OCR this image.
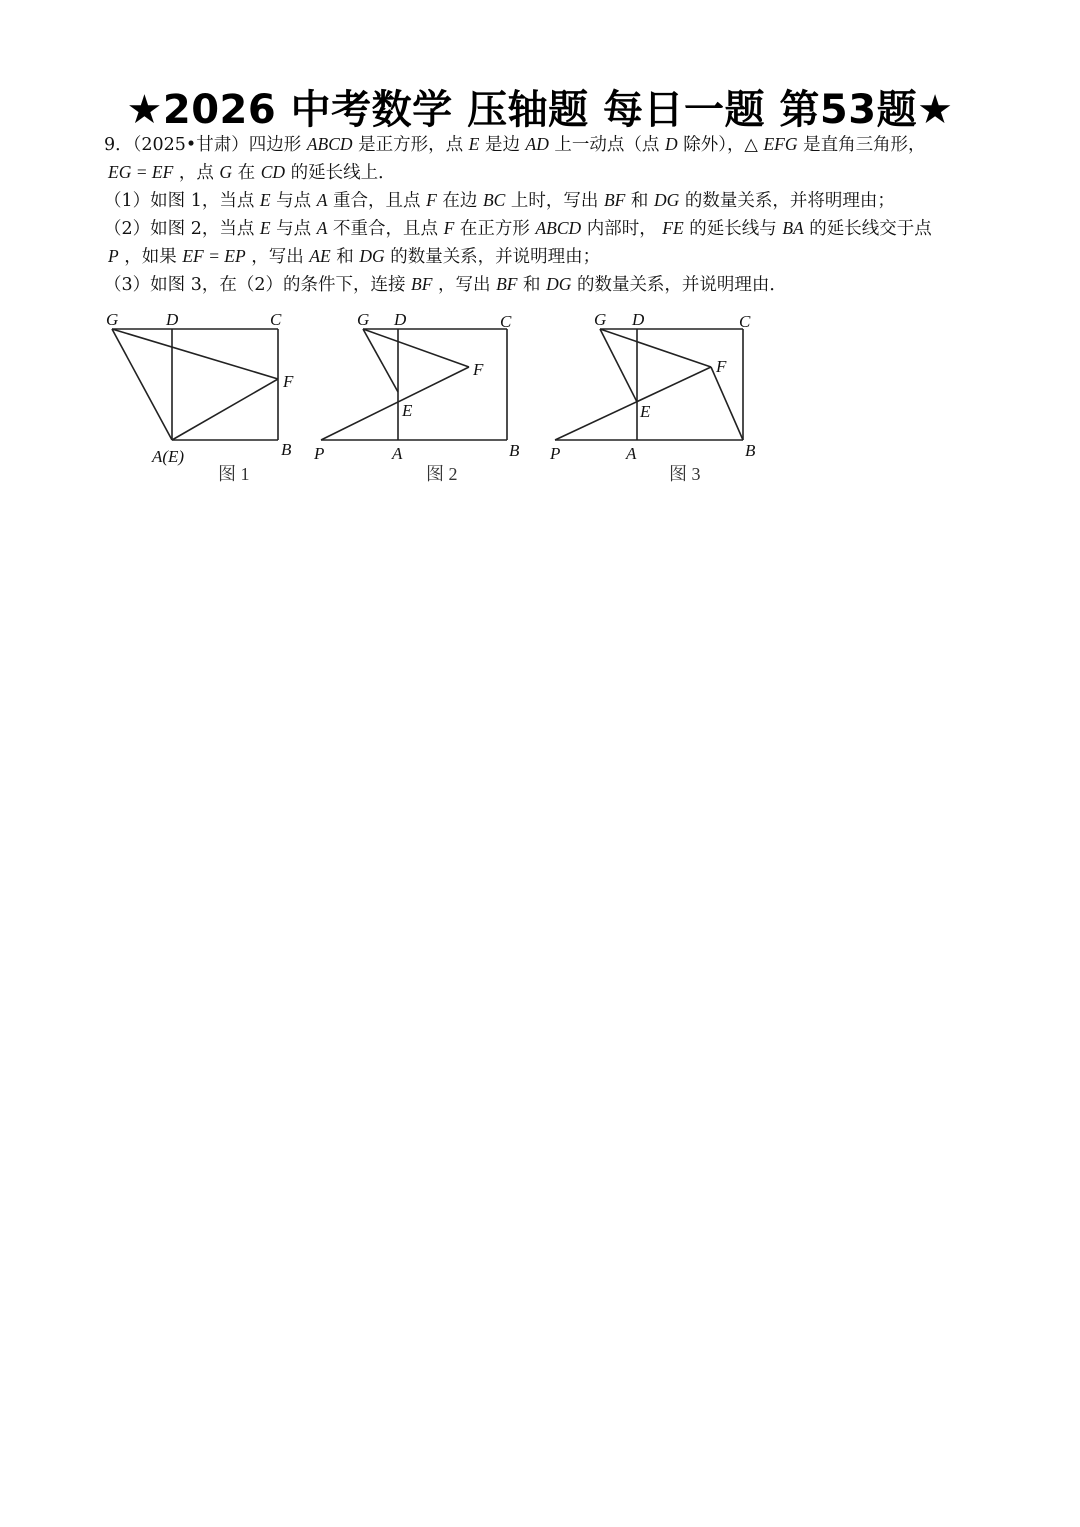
★2026 中考数学 压轴题 每日一题 第53题★
9．（2025•甘肃）四边形 ABCD 是正方形，点 E 是边 AD 上一动点（点 D 除外），△ EFG 是直角三角形，
EG = EF ，点 G 在 CD 的延长线上．
（1）如图 1，当点 E 与点 A 重合，且点 F 在边 BC 上时，写出 BF 和 DG 的数量关系，并将明理由；
（2）如图 2，当点 E 与点 A 不重合，且点 F 在正方形 ABCD 内部时， FE 的延长线与 BA 的延长线交于点
P ，如果 EF = EP ，写出 AE 和 DG 的数量关系，并说明理由；
（3）如图 3，在（2）的条件下，连接 BF ，写出 BF 和 DG 的数量关系，并说明理由．
G	D	C
F
A(E)	B
G D	C
F
E
P	A	B
G D	C
F
E
P	A	B
图 1	图 2	图 3
